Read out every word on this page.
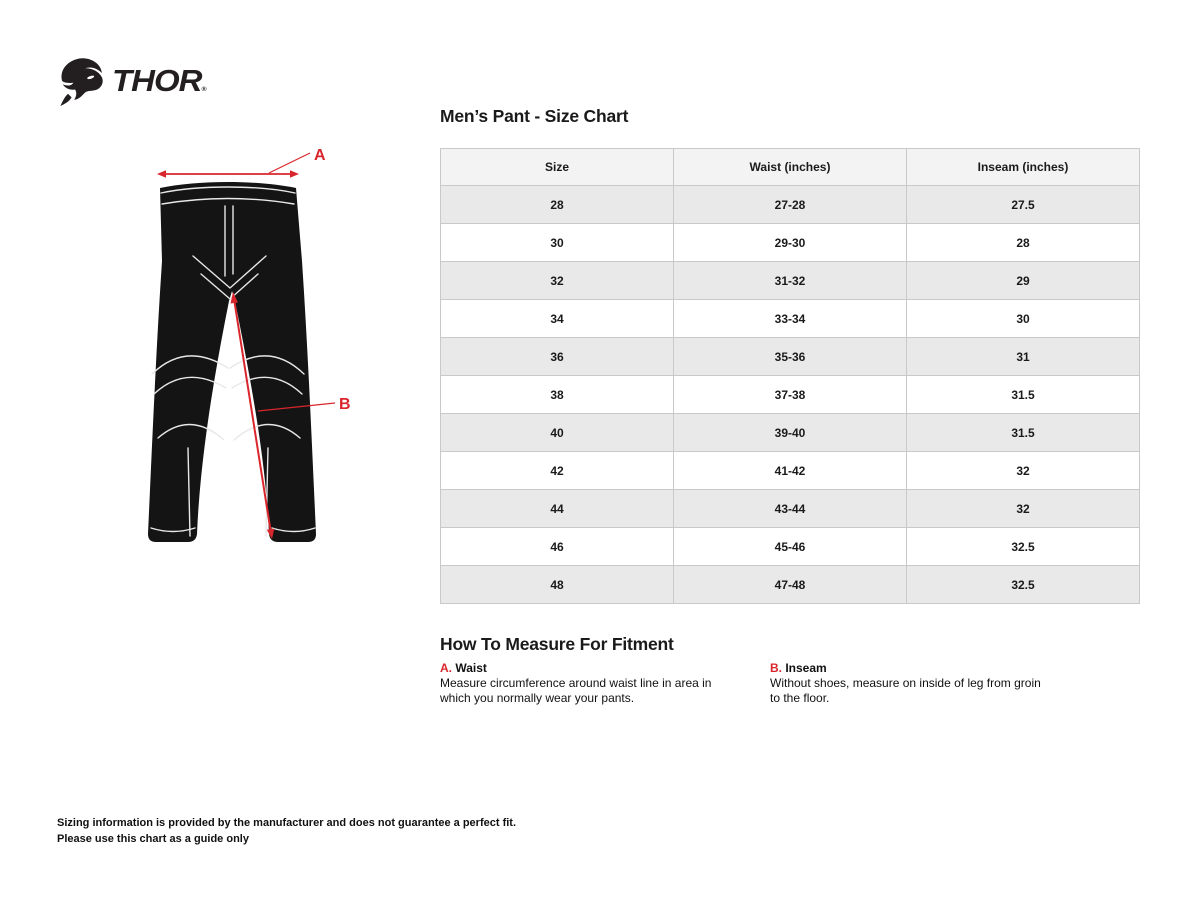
THOR®
A
B
Men’s Pant - Size Chart
Size	Waist (inches)	Inseam (inches)
28	27-28	27.5
30	29-30	28
32	31-32	29
34	33-34	30
36	35-36	31
38	37-38	31.5
40	39-40	31.5
42	41-42	32
44	43-44	32
46	45-46	32.5
48	47-48	32.5
How To Measure For Fitment
A. Waist

Measure circumference around waist line in area in which you normally wear your pants.

B. Inseam

Without shoes, measure on inside of leg from groin to the floor.

Sizing information is provided by the manufacturer and does not guarantee a perfect fit.
Please use this chart as a guide only
